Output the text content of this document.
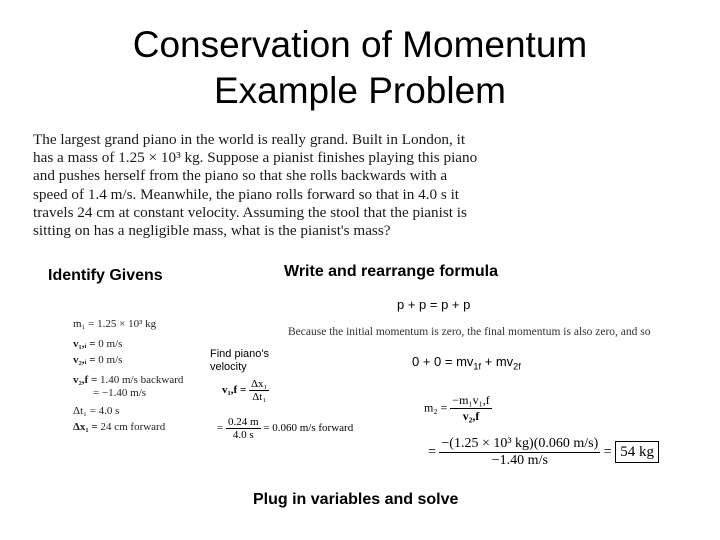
Conservation of Momentum
Example Problem

The largest grand piano in the world is really grand. Built in London, it

has a mass of 1.25 × 10³ kg. Suppose a pianist finishes playing this piano

and pushes herself from the piano so that she rolls backwards with a

speed of 1.4 m/s. Meanwhile, the piano rolls forward so that in 4.0 s it

travels 24 cm at constant velocity. Assuming the stool that the pianist is

sitting on has a negligible mass, what is the pianist's mass?

Identify Givens	Write and rearrange formula
m₁ = 1.25 × 10³ kg
v₁,ᵢ = 0 m/s
v₂,ᵢ = 0 m/s
v₂,f = 1.40 m/s backward
= −1.40 m/s
Δt₁ = 4.0 s
Δx₁ = 24 cm forward
Find piano's velocity
$v_1,f = \frac{\text{Δx₁}}{\text{Δt₁}}$
= $\frac{0.24 m}{4.0 s} = 0.060$ m/s forward
p + p = p + p
Because the initial momentum is zero, the final momentum is also zero, and so
$0 + 0 = mv_{1f} + mv_{2f}$
$m_2 = \frac{\text{−m₁v₁,f}}{\text{v₂,f}}$
= $\frac{\text{−(1.25 × 10³ kg)(0.060 m/s)}}{-1.40 m/s} = 54$ kg
Plug in variables and solve
